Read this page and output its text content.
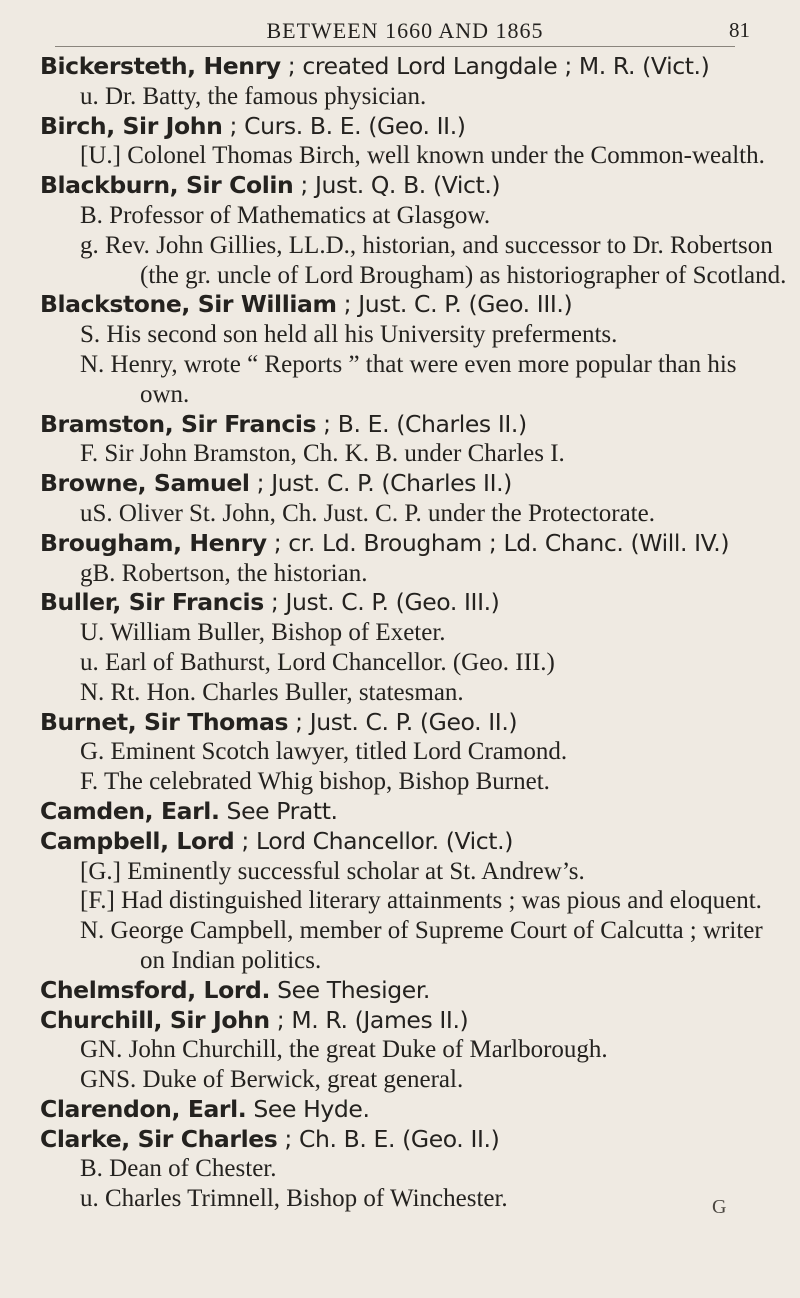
BETWEEN 1660 AND 1865	81
Bickersteth, Henry ; created Lord Langdale ; M. R. (Vict.)
u. Dr. Batty, the famous physician.
Birch, Sir John ; Curs. B. E. (Geo. II.)
[U.] Colonel Thomas Birch, well known under the Common-wealth.
Blackburn, Sir Colin ; Just. Q. B. (Vict.)
B. Professor of Mathematics at Glasgow.
g. Rev. John Gillies, LL.D., historian, and successor to Dr. Robertson (the gr. uncle of Lord Brougham) as historiographer of Scotland.
Blackstone, Sir William ; Just. C. P. (Geo. III.)
S. His second son held all his University preferments.
N. Henry, wrote “ Reports ” that were even more popular than his own.
Bramston, Sir Francis ; B. E. (Charles II.)
F. Sir John Bramston, Ch. K. B. under Charles I.
Browne, Samuel ; Just. C. P. (Charles II.)
uS. Oliver St. John, Ch. Just. C. P. under the Protectorate.
Brougham, Henry ; cr. Ld. Brougham ; Ld. Chanc. (Will. IV.)
gB. Robertson, the historian.
Buller, Sir Francis ; Just. C. P. (Geo. III.)
U. William Buller, Bishop of Exeter.
u. Earl of Bathurst, Lord Chancellor. (Geo. III.)
N. Rt. Hon. Charles Buller, statesman.
Burnet, Sir Thomas ; Just. C. P. (Geo. II.)
G. Eminent Scotch lawyer, titled Lord Cramond.
F. The celebrated Whig bishop, Bishop Burnet.
Camden, Earl. See Pratt.
Campbell, Lord ; Lord Chancellor. (Vict.)
[G.] Eminently successful scholar at St. Andrew’s.
[F.] Had distinguished literary attainments ; was pious and eloquent.
N. George Campbell, member of Supreme Court of Calcutta ; writer on Indian politics.
Chelmsford, Lord. See Thesiger.
Churchill, Sir John ; M. R. (James II.)
GN. John Churchill, the great Duke of Marlborough.
GNS. Duke of Berwick, great general.
Clarendon, Earl. See Hyde.
Clarke, Sir Charles ; Ch. B. E. (Geo. II.)
B. Dean of Chester.
u. Charles Trimnell, Bishop of Winchester.	G
